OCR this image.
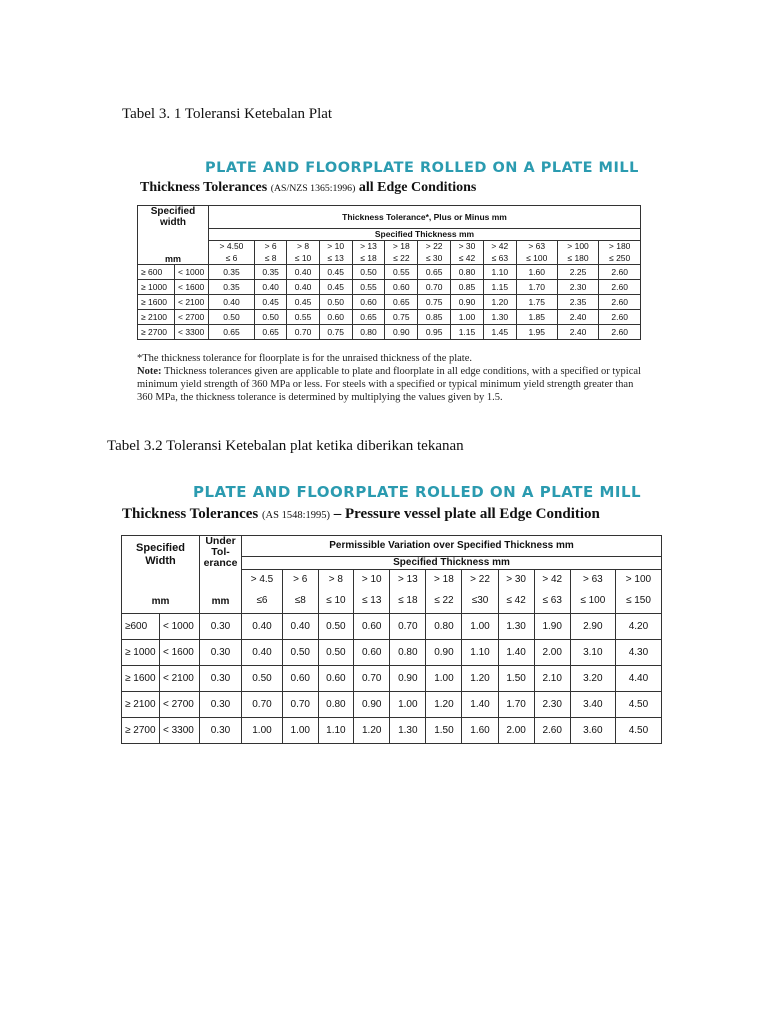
Tabel 3. 1 Toleransi Ketebalan Plat
PLATE AND FLOORPLATE ROLLED ON A PLATE MILL
Thickness Tolerances (AS/NZS 1365:1996) all Edge Conditions
Specified width		Thickness Tolerance*, Plus or Minus mm											
		Specified Thickness mm											
mm		> 4.50	> 6	> 8	> 10	> 13	> 18	> 22	> 30	> 42	> 63	> 100	> 180
		≤ 6	≤ 8	≤ 10	≤ 13	≤ 18	≤ 22	≤ 30	≤ 42	≤ 63	≤ 100	≤ 180	≤ 250
≥ 600	< 1000	0.35	0.35	0.40	0.45	0.50	0.55	0.65	0.80	1.10	1.60	2.25	2.60
≥ 1000	< 1600	0.35	0.40	0.40	0.45	0.55	0.60	0.70	0.85	1.15	1.70	2.30	2.60
≥ 1600	< 2100	0.40	0.45	0.45	0.50	0.60	0.65	0.75	0.90	1.20	1.75	2.35	2.60
≥ 2100	< 2700	0.50	0.50	0.55	0.60	0.65	0.75	0.85	1.00	1.30	1.85	2.40	2.60
≥ 2700	< 3300	0.65	0.65	0.70	0.75	0.80	0.90	0.95	1.15	1.45	1.95	2.40	2.60
*The thickness tolerance for floorplate is for the unraised thickness of the plate.
Note: Thickness tolerances given are applicable to plate and floorplate in all edge conditions, with a specified or typical minimum yield strength of 360 MPa or less. For steels with a specified or typical minimum yield strength greater than 360 MPa, the thickness tolerance is determined by multiplying the values given by 1.5.
Tabel 3.2 Toleransi Ketebalan plat ketika diberikan tekanan
PLATE AND FLOORPLATE ROLLED ON A PLATE MILL
Thickness Tolerances (AS 1548:1995) – Pressure vessel plate all Edge Condition
Specified Width		Under Tol- erance	Permissible Variation over Specified Thickness mm										
			Specified Thickness mm										
mm		mm	> 4.5	> 6	> 8	> 10	> 13	> 18	> 22	> 30	> 42	> 63	> 100
			≤6	≤8	≤ 10	≤ 13	≤ 18	≤ 22	≤30	≤ 42	≤ 63	≤ 100	≤ 150
≥600	< 1000	0.30	0.40	0.40	0.50	0.60	0.70	0.80	1.00	1.30	1.90	2.90	4.20
≥ 1000	< 1600	0.30	0.40	0.50	0.50	0.60	0.80	0.90	1.10	1.40	2.00	3.10	4.30
≥ 1600	< 2100	0.30	0.50	0.60	0.60	0.70	0.90	1.00	1.20	1.50	2.10	3.20	4.40
≥ 2100	< 2700	0.30	0.70	0.70	0.80	0.90	1.00	1.20	1.40	1.70	2.30	3.40	4.50
≥ 2700	< 3300	0.30	1.00	1.00	1.10	1.20	1.30	1.50	1.60	2.00	2.60	3.60	4.50
